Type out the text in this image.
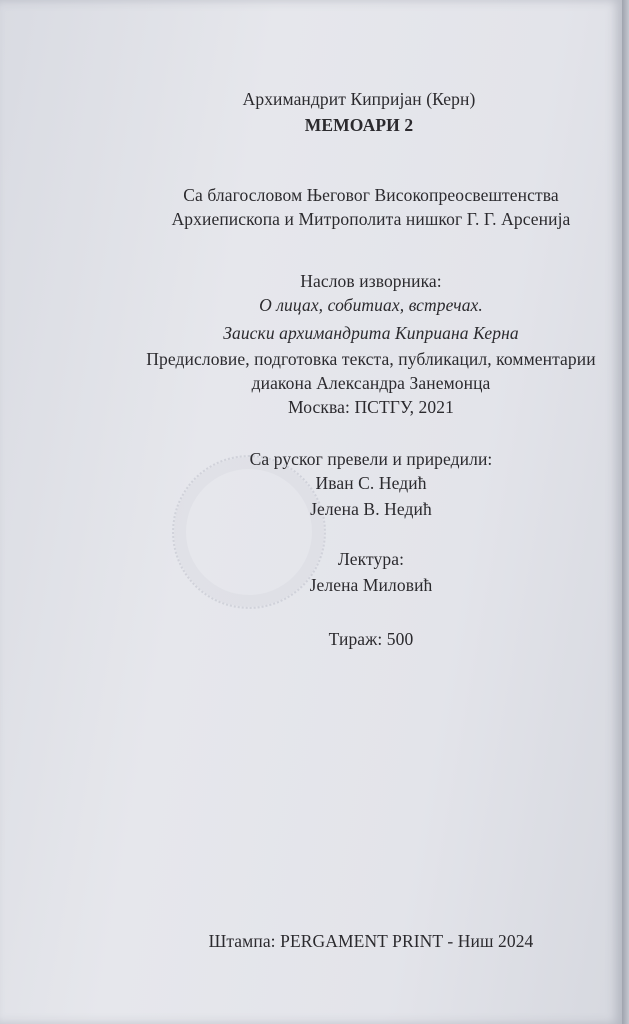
Архимандрит Кипријан (Керн)
МЕМОАРИ 2
Са благословом Његовог Високопреосвештенства
Архиепископа и Митрополита нишког Г. Г. Арсенија
Наслов изворника:
О лицах, собитиах, встречах.
Заиски архимандрита Киприана Керна
Предисловие, подготовка текста, публикацил, комментарии
диакона Александра Занемонца
Москва: ПСТГУ, 2021
Са руског превели и приредили:
Иван С. Недић
Јелена В. Недић
Лектура:
Јелена Миловић
Тираж: 500
Штампа: PERGAMENT PRINT - Ниш 2024
